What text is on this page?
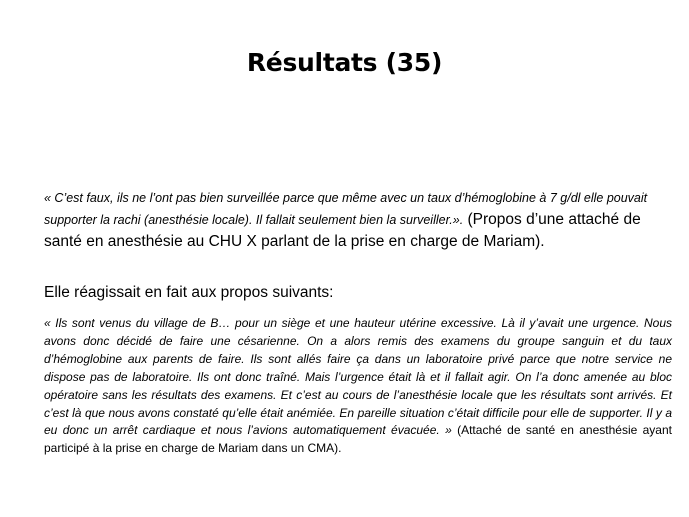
Résultats (35)
« C’est faux, ils ne l’ont pas bien surveillée parce que même avec un taux d’hémoglobine à 7 g/dl elle pouvait supporter la rachi (anesthésie locale). Il fallait seulement bien la surveiller.». (Propos d’une attaché de santé en anesthésie au CHU X parlant de la prise en charge de Mariam).
Elle réagissait en fait aux propos suivants:
« Ils sont venus du village de B… pour un siège et une hauteur utérine excessive. Là il y’avait une urgence. Nous avons donc décidé de faire une césarienne. On a alors remis des examens du groupe sanguin et du taux d’hémoglobine aux parents de faire. Ils sont allés faire ça dans un laboratoire privé parce que notre service ne dispose pas de laboratoire. Ils ont donc traîné. Mais l’urgence était là et il fallait agir. On l’a donc amenée au bloc opératoire sans les résultats des examens. Et c’est au cours de l’anesthésie locale que les résultats sont arrivés. Et c’est là que nous avons constaté qu’elle était anémiée. En pareille situation c’était difficile pour elle de supporter. Il y a eu donc un arrêt cardiaque et nous l’avions automatiquement évacuée. » (Attaché de santé en anesthésie ayant participé à la prise en charge de Mariam dans un CMA).
